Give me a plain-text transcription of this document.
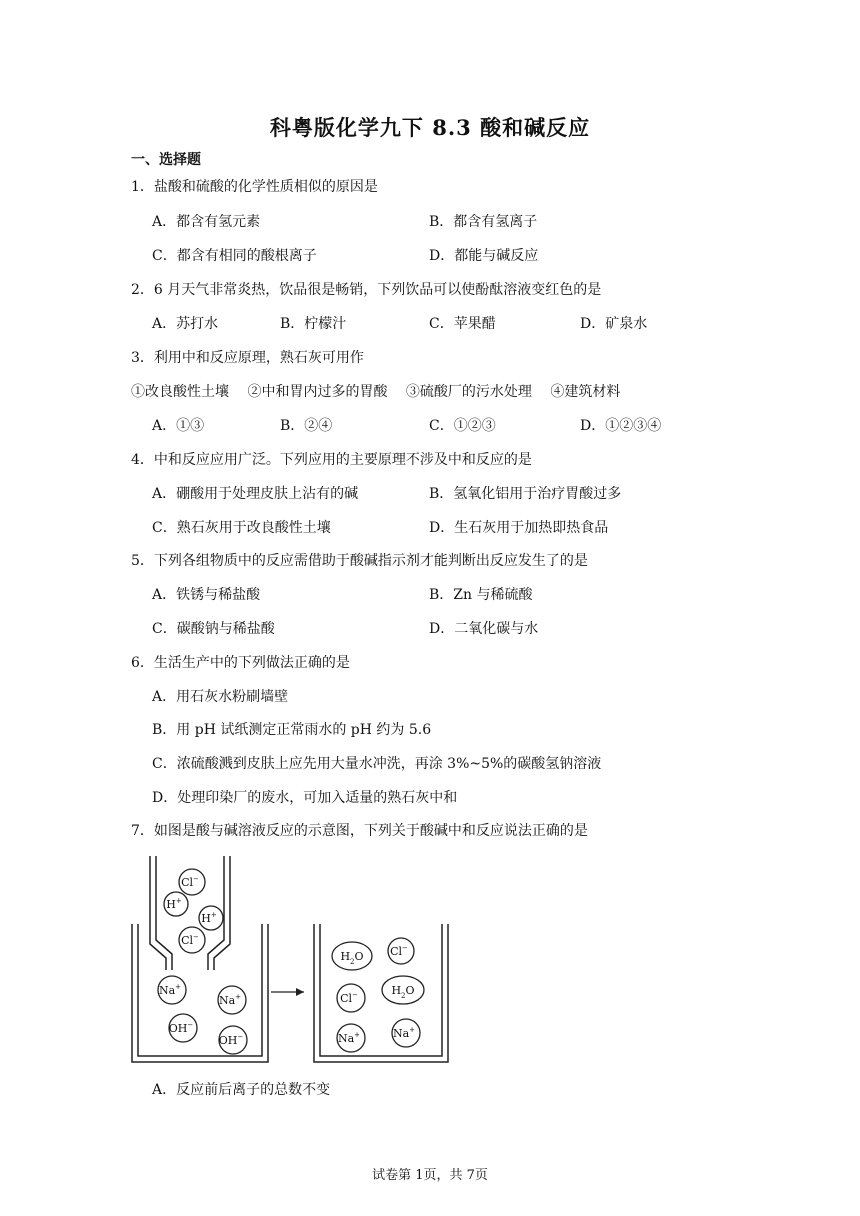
科粤版化学九下 8.3 酸和碱反应
一、选择题
1．盐酸和硫酸的化学性质相似的原因是
A．都含有氢元素	B．都含有氢离子
C．都含有相同的酸根离子	D．都能与碱反应
2．6 月天气非常炎热，饮品很是畅销，下列饮品可以使酚酞溶液变红色的是
A．苏打水	B．柠檬汁	C．苹果醋	D．矿泉水
3．利用中和反应原理，熟石灰可用作
①改良酸性土壤　 ②中和胃内过多的胃酸　 ③硫酸厂的污水处理　 ④建筑材料
A．①③	B．②④	C．①②③	D．①②③④
4．中和反应应用广泛。下列应用的主要原理不涉及中和反应的是
A．硼酸用于处理皮肤上沾有的碱	B．氢氧化铝用于治疗胃酸过多
C．熟石灰用于改良酸性土壤	D．生石灰用于加热即热食品
5．下列各组物质中的反应需借助于酸碱指示剂才能判断出反应发生了的是
A．铁锈与稀盐酸	B．Zn 与稀硫酸
C．碳酸钠与稀盐酸	D．二氧化碳与水
6．生活生产中的下列做法正确的是
A．用石灰水粉刷墙壁
B．用 pH 试纸测定正常雨水的 pH 约为 5.6
C．浓硫酸溅到皮肤上应先用大量水冲洗，再涂 3%~5%的碳酸氢钠溶液
D．处理印染厂的废水，可加入适量的熟石灰中和
7．如图是酸与碱溶液反应的示意图，下列关于酸碱中和反应说法正确的是
Cl−
H+
H+
Cl−
Na+
Na+
OH−
OH−
$H_2O$ Cl−
Cl−	$H_2O$
Na+	Na+
A．反应前后离子的总数不变
试卷第 1页，共 7页
